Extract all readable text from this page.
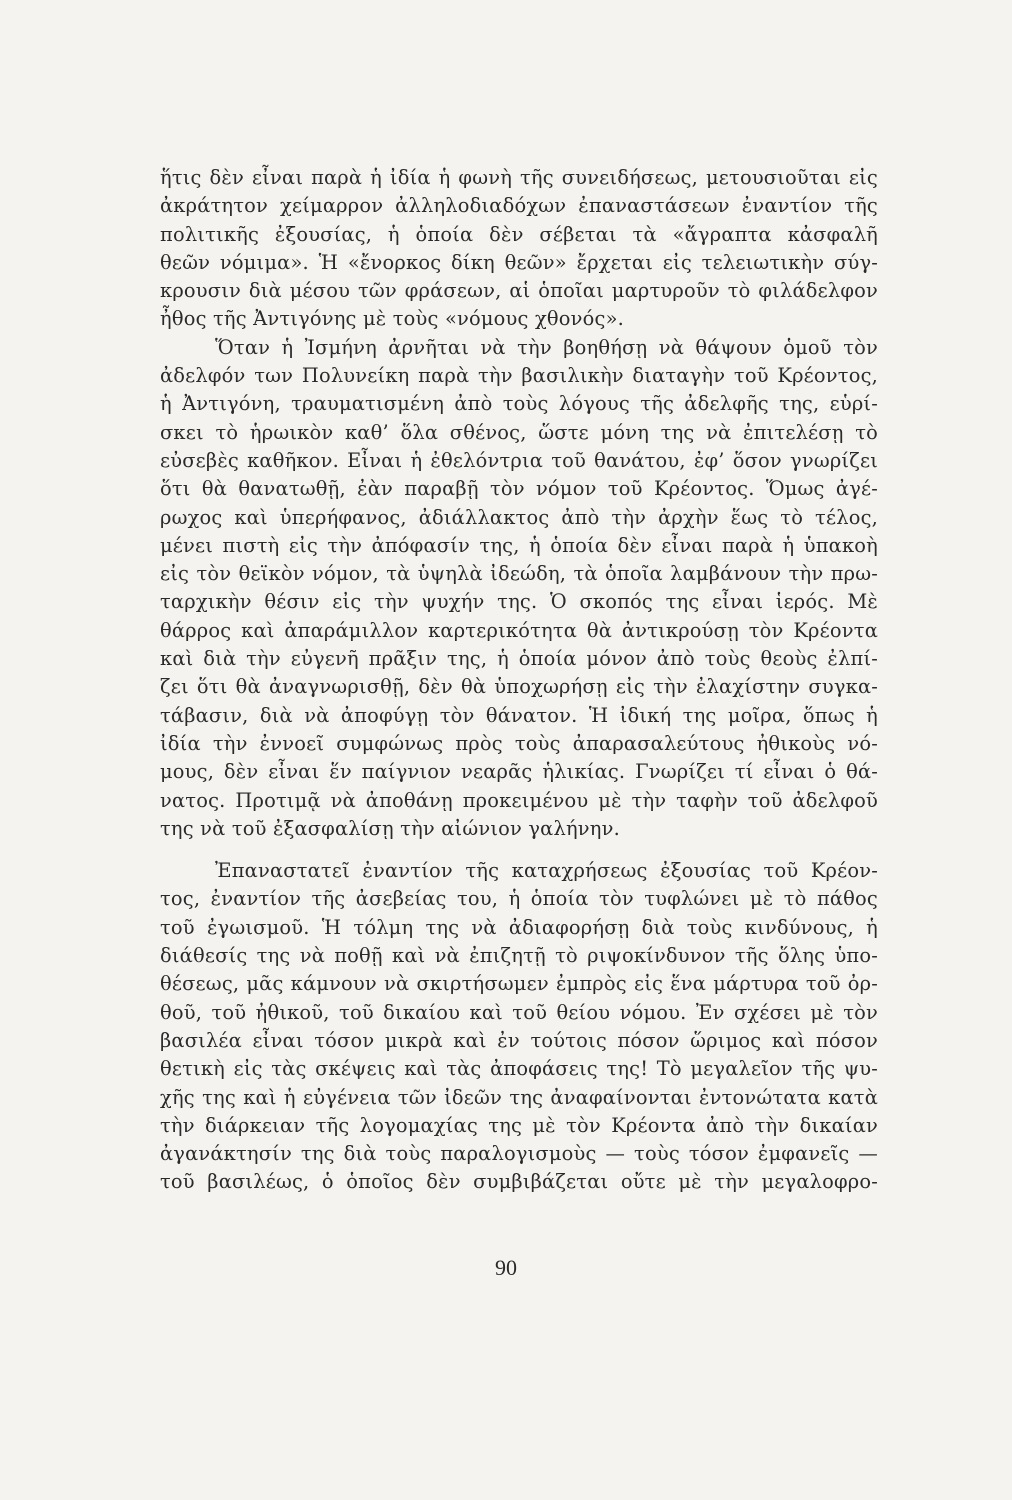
ἥτις δὲν εἶναι παρὰ ἡ ἰδία ἡ φωνὴ τῆς συνειδήσεως, μετουσιοῦται εἰς
ἀκράτητον χείμαρρον ἀλληλοδιαδόχων ἐπαναστάσεων ἐναντίον τῆς
πολιτικῆς ἐξουσίας, ἡ ὁποία δὲν σέβεται τὰ «ἄγραπτα κἀσφαλῆ
θεῶν νόμιμα». Ἡ «ἔνορκος δίκη θεῶν» ἔρχεται εἰς τελειωτικὴν σύγ-
κρουσιν διὰ μέσου τῶν φράσεων, αἱ ὁποῖαι μαρτυροῦν τὸ φιλάδελφον
ἦθος τῆς Ἀντιγόνης μὲ τοὺς «νόμους χθονός».
Ὅταν ἡ Ἰσμήνη ἀρνῆται νὰ τὴν βοηθήσῃ νὰ θάψουν ὁμοῦ τὸν
ἀδελφόν των Πολυνείκη παρὰ τὴν βασιλικὴν διαταγὴν τοῦ Κρέοντος,
ἡ Ἀντιγόνη, τραυματισμένη ἀπὸ τοὺς λόγους τῆς ἀδελφῆς της, εὑρί-
σκει τὸ ἡρωικὸν καθ’ ὅλα σθένος, ὥστε μόνη της νὰ ἐπιτελέσῃ τὸ
εὐσεβὲς καθῆκον. Εἶναι ἡ ἐθελόντρια τοῦ θανάτου, ἐφ’ ὅσον γνωρίζει
ὅτι θὰ θανατωθῇ, ἐὰν παραβῇ τὸν νόμον τοῦ Κρέοντος. Ὅμως ἀγέ-
ρωχος καὶ ὑπερήφανος, ἀδιάλλακτος ἀπὸ τὴν ἀρχὴν ἕως τὸ τέλος,
μένει πιστὴ εἰς τὴν ἀπόφασίν της, ἡ ὁποία δὲν εἶναι παρὰ ἡ ὑπακοὴ
εἰς τὸν θεϊκὸν νόμον, τὰ ὑψηλὰ ἰδεώδη, τὰ ὁποῖα λαμβάνουν τὴν πρω-
ταρχικὴν θέσιν εἰς τὴν ψυχήν της. Ὁ σκοπός της εἶναι ἱερός. Μὲ
θάρρος καὶ ἀπαράμιλλον καρτερικότητα θὰ ἀντικρούσῃ τὸν Κρέοντα
καὶ διὰ τὴν εὐγενῆ πρᾶξιν της, ἡ ὁποία μόνον ἀπὸ τοὺς θεοὺς ἐλπί-
ζει ὅτι θὰ ἀναγνωρισθῇ, δὲν θὰ ὑποχωρήσῃ εἰς τὴν ἐλαχίστην συγκα-
τάβασιν, διὰ νὰ ἀποφύγῃ τὸν θάνατον. Ἡ ἰδική της μοῖρα, ὅπως ἡ
ἰδία τὴν ἐννοεῖ συμφώνως πρὸς τοὺς ἀπαρασαλεύτους ἠθικοὺς νό-
μους, δὲν εἶναι ἕν παίγνιον νεαρᾶς ἡλικίας. Γνωρίζει τί εἶναι ὁ θά-
νατος. Προτιμᾷ νὰ ἀποθάνῃ προκειμένου μὲ τὴν ταφὴν τοῦ ἀδελφοῦ
της νὰ τοῦ ἐξασφαλίσῃ τὴν αἰώνιον γαλήνην.
Ἐπαναστατεῖ ἐναντίον τῆς καταχρήσεως ἐξουσίας τοῦ Κρέον-
τος, ἐναντίον τῆς ἀσεβείας του, ἡ ὁποία τὸν τυφλώνει μὲ τὸ πάθος
τοῦ ἐγωισμοῦ. Ἡ τόλμη της νὰ ἀδιαφορήσῃ διὰ τοὺς κινδύνους, ἡ
διάθεσίς της νὰ ποθῇ καὶ νὰ ἐπιζητῇ τὸ ριψοκίνδυνον τῆς ὅλης ὑπο-
θέσεως, μᾶς κάμνουν νὰ σκιρτήσωμεν ἐμπρὸς εἰς ἕνα μάρτυρα τοῦ ὀρ-
θοῦ, τοῦ ἠθικοῦ, τοῦ δικαίου καὶ τοῦ θείου νόμου. Ἐν σχέσει μὲ τὸν
βασιλέα εἶναι τόσον μικρὰ καὶ ἐν τούτοις πόσον ὥριμος καὶ πόσον
θετικὴ εἰς τὰς σκέψεις καὶ τὰς ἀποφάσεις της! Τὸ μεγαλεῖον τῆς ψυ-
χῆς της καὶ ἡ εὐγένεια τῶν ἰδεῶν της ἀναφαίνονται ἐντονώτατα κατὰ
τὴν διάρκειαν τῆς λογομαχίας της μὲ τὸν Κρέοντα ἀπὸ τὴν δικαίαν
ἀγανάκτησίν της διὰ τοὺς παραλογισμοὺς — τοὺς τόσον ἐμφανεῖς —
τοῦ βασιλέως, ὁ ὁποῖος δὲν συμβιβάζεται οὔτε μὲ τὴν μεγαλοφρο-
90
